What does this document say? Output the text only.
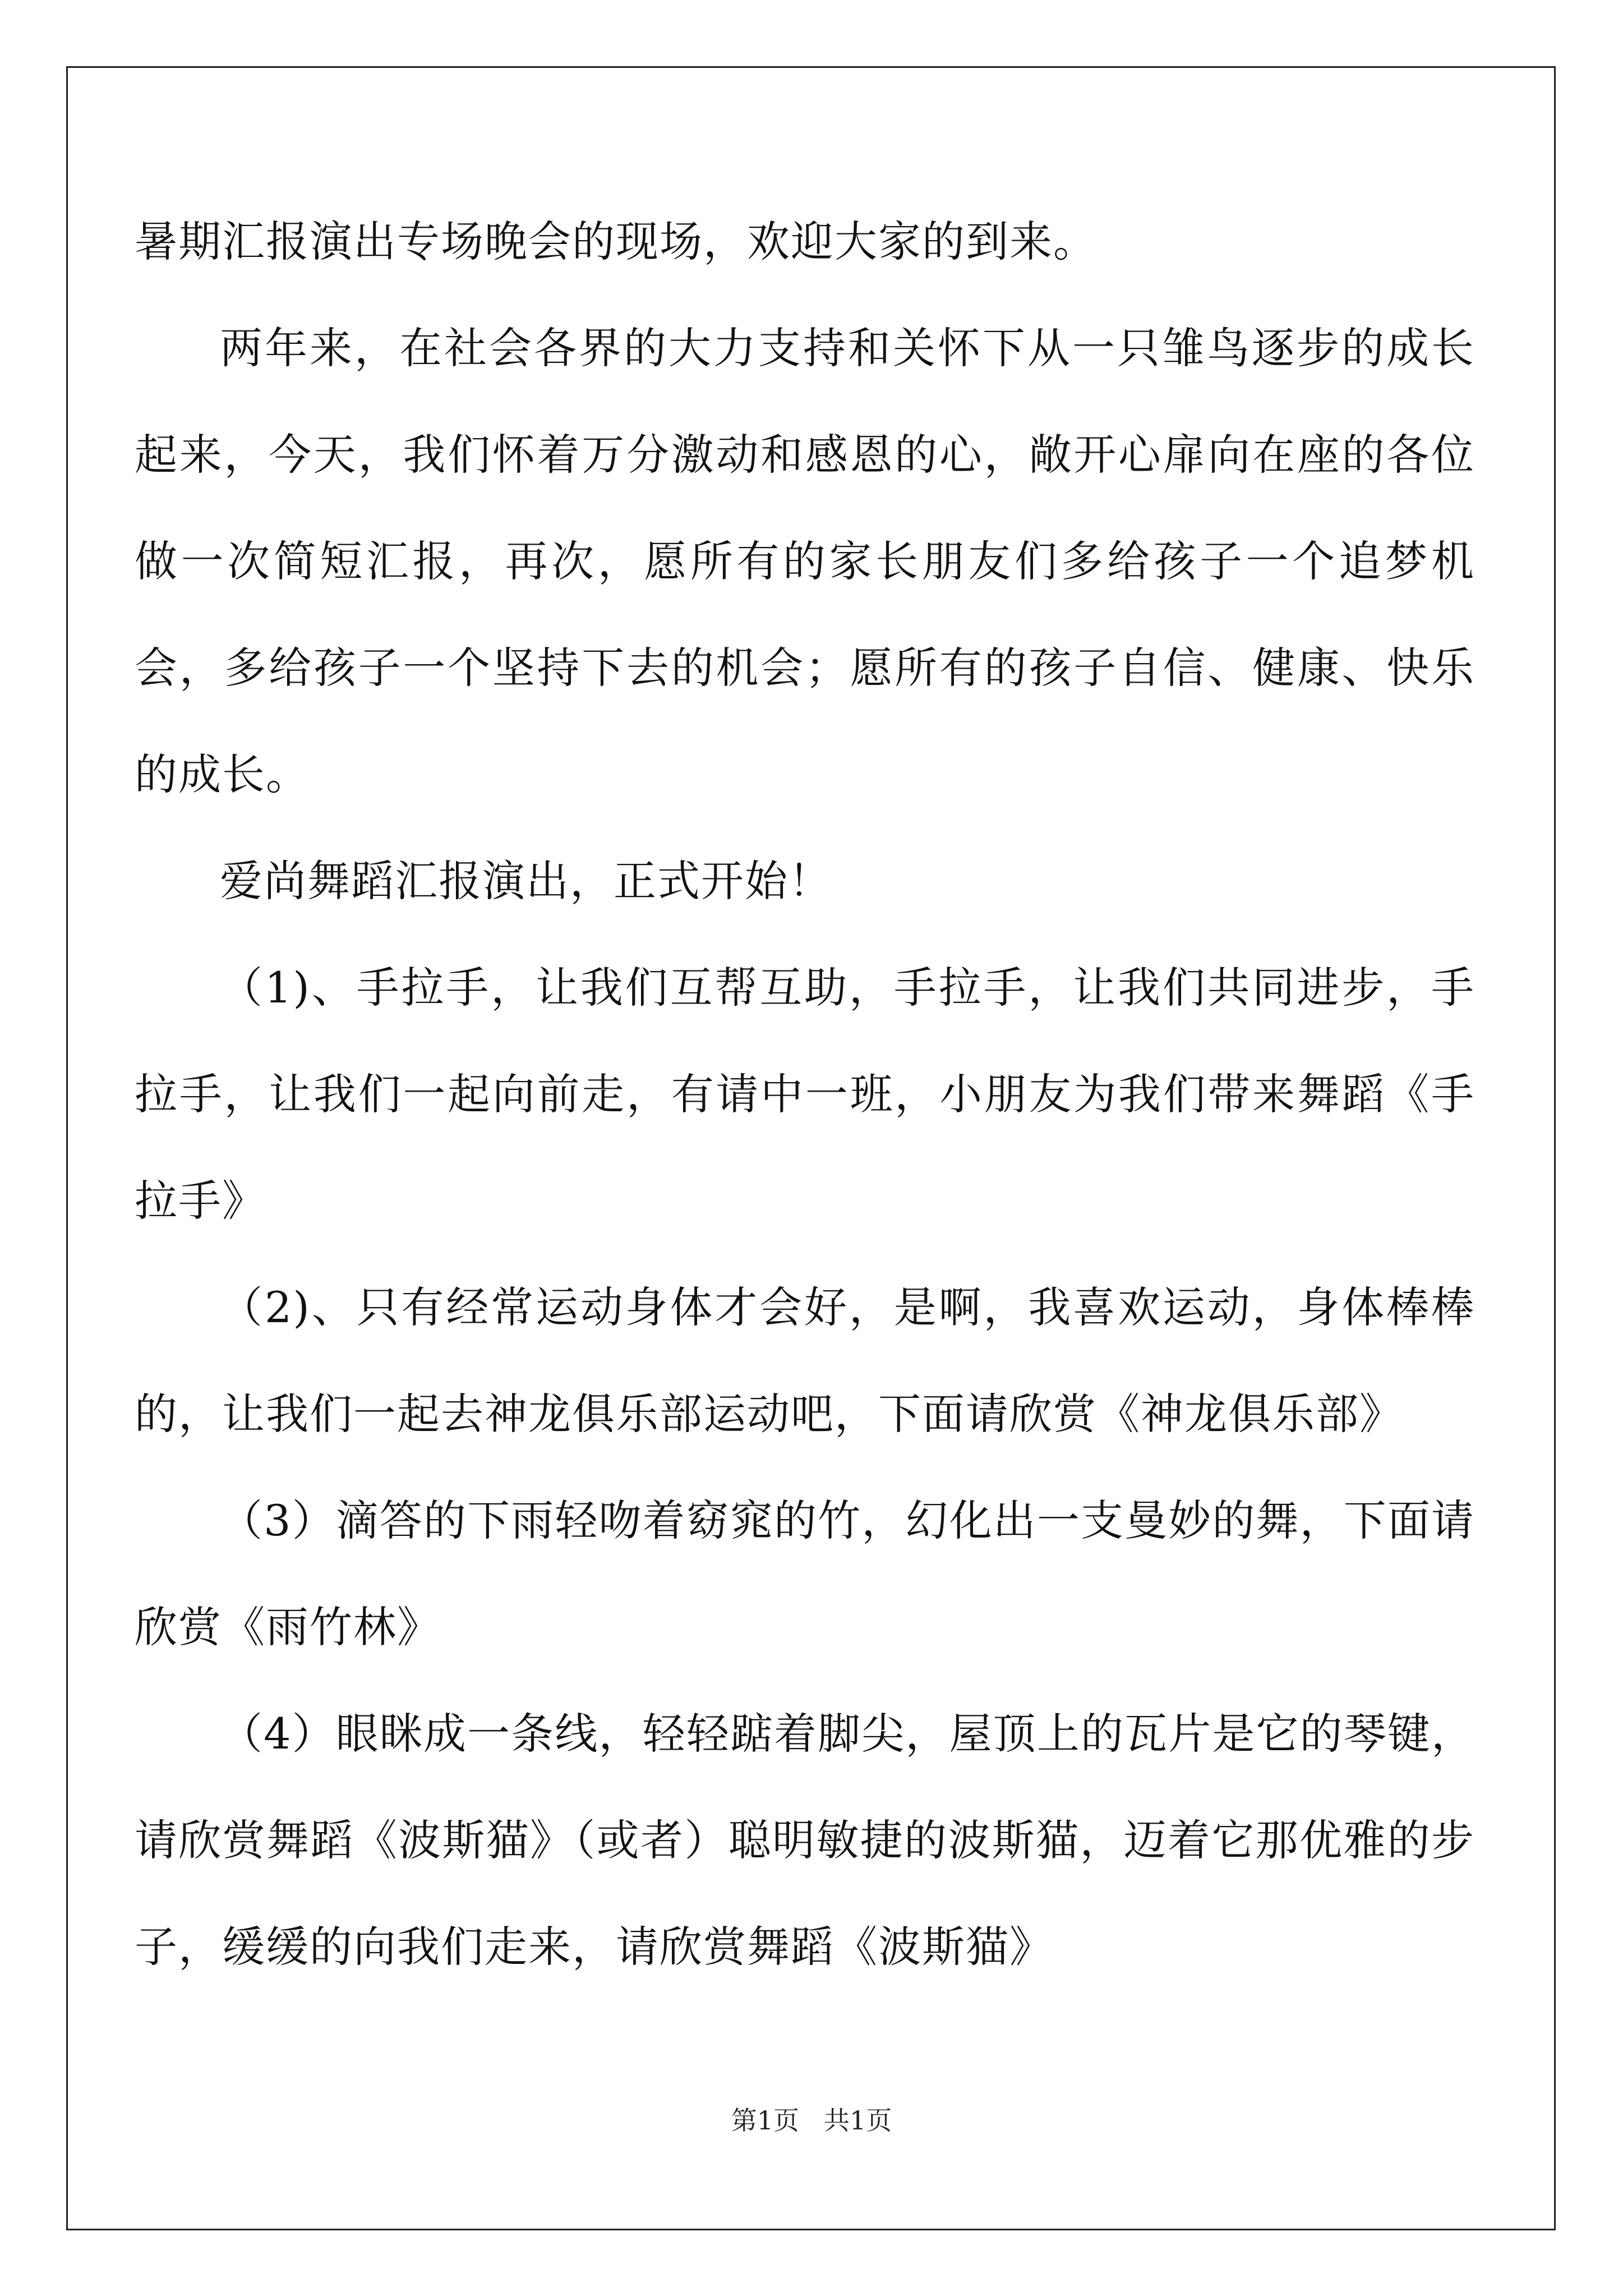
暑期汇报演出专场晚会的现场，欢迎大家的到来。

两年来，在社会各界的大力支持和关怀下从一只雏鸟逐步的成长起来，今天，我们怀着万分激动和感恩的心，敞开心扉向在座的各位做一次简短汇报，再次，愿所有的家长朋友们多给孩子一个追梦机会，多给孩子一个坚持下去的机会；愿所有的孩子自信、健康、快乐的成长。

爱尚舞蹈汇报演出，正式开始！

（1)、手拉手，让我们互帮互助，手拉手，让我们共同进步，手拉手，让我们一起向前走，有请中一班，小朋友为我们带来舞蹈《手拉手》

（2)、只有经常运动身体才会好，是啊，我喜欢运动，身体棒棒的，让我们一起去神龙俱乐部运动吧，下面请欣赏《神龙俱乐部》

（3）滴答的下雨轻吻着窈窕的竹，幻化出一支曼妙的舞，下面请欣赏《雨竹林》

（4）眼眯成一条线，轻轻踮着脚尖，屋顶上的瓦片是它的琴键，请欣赏舞蹈《波斯猫》（或者）聪明敏捷的波斯猫，迈着它那优雅的步子，缓缓的向我们走来，请欣赏舞蹈《波斯猫》

第1页 共1页
